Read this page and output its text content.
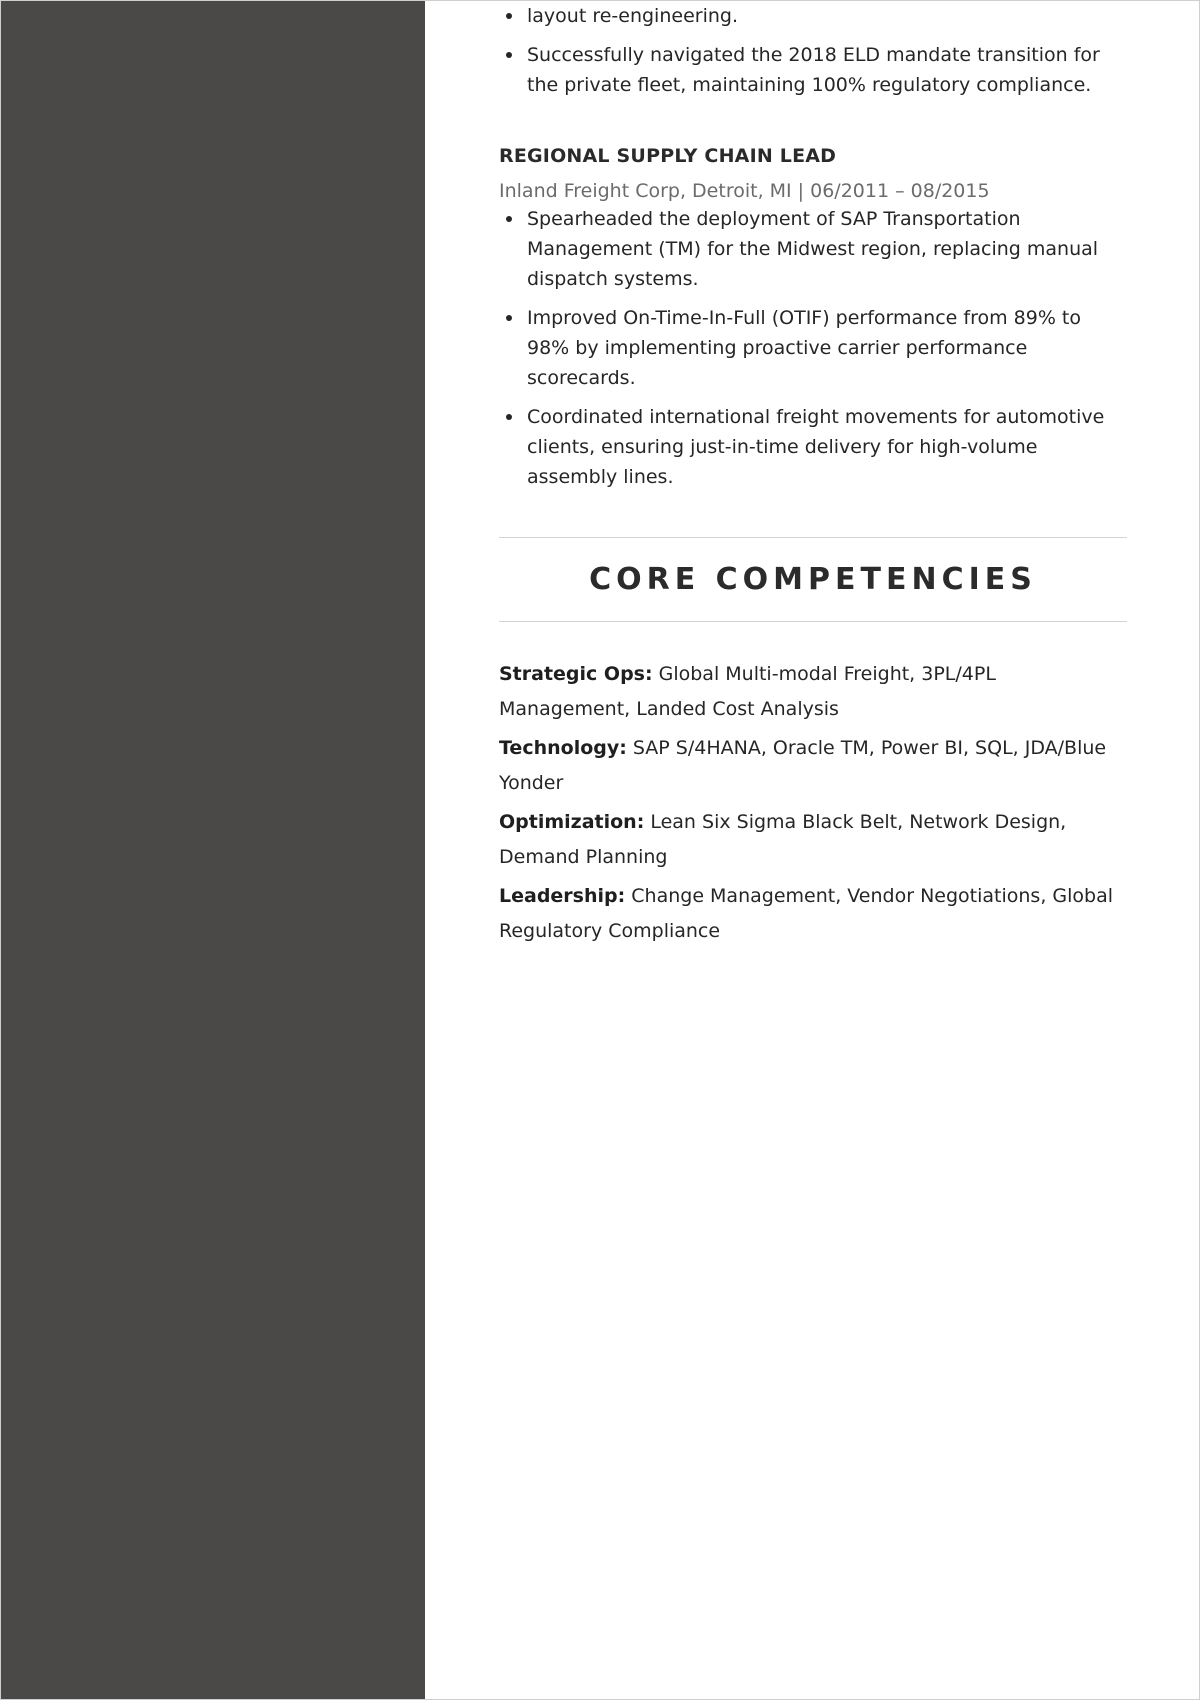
layout re-engineering.
Successfully navigated the 2018 ELD mandate transition for the private fleet, maintaining 100% regulatory compliance.
REGIONAL SUPPLY CHAIN LEAD
Inland Freight Corp, Detroit, MI | 06/2011 – 08/2015
Spearheaded the deployment of SAP Transportation Management (TM) for the Midwest region, replacing manual dispatch systems.
Improved On-Time-In-Full (OTIF) performance from 89% to 98% by implementing proactive carrier performance scorecards.
Coordinated international freight movements for automotive clients, ensuring just-in-time delivery for high-volume assembly lines.
CORE COMPETENCIES
Strategic Ops: Global Multi-modal Freight, 3PL/4PL Management, Landed Cost Analysis
Technology: SAP S/4HANA, Oracle TM, Power BI, SQL, JDA/Blue Yonder
Optimization: Lean Six Sigma Black Belt, Network Design, Demand Planning
Leadership: Change Management, Vendor Negotiations, Global Regulatory Compliance
